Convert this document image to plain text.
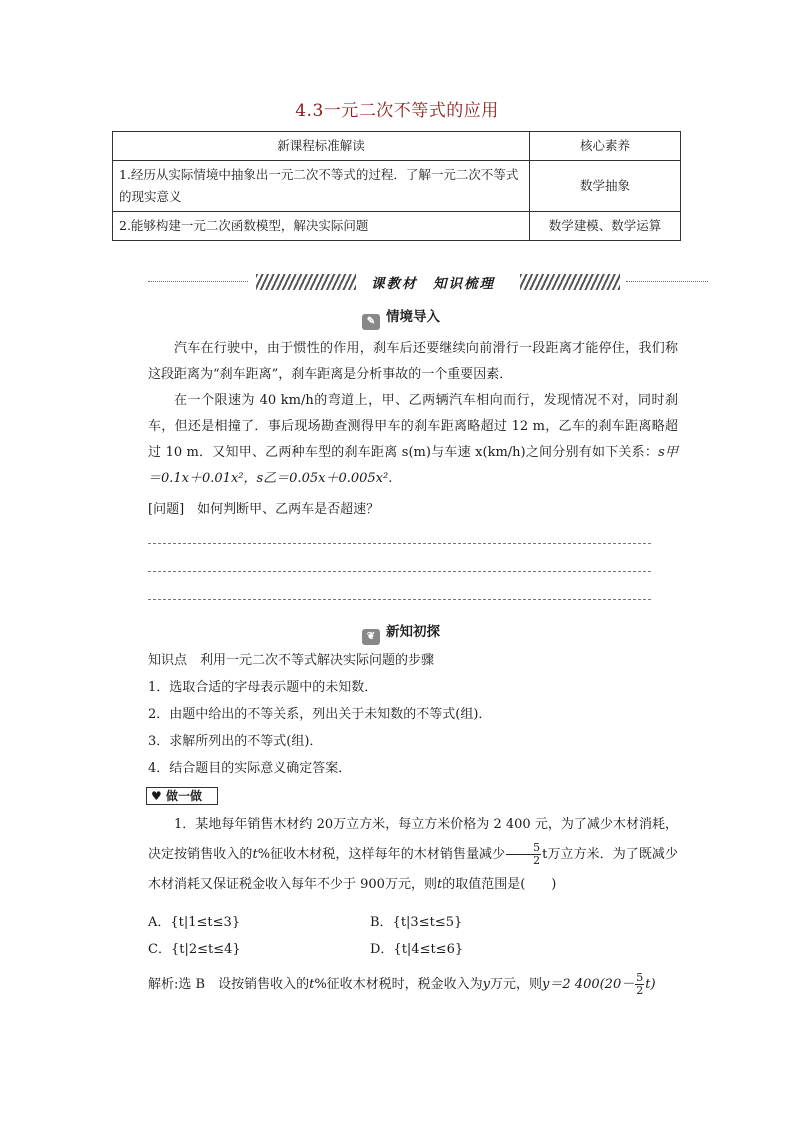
4.3一元二次不等式的应用
新课程标准解读	核心素养
1.经历从实际情境中抽象出一元二次不等式的过程．了解一元二次不等式的现实意义	数学抽象
2.能够构建一元二次函数模型，解决实际问题	数学建模、数学运算
课教材　知识梳理
✎ 情境导入
汽车在行驶中，由于惯性的作用，刹车后还要继续向前滑行一段距离才能停住，我们称这段距离为“刹车距离”，刹车距离是分析事故的一个重要因素．
在一个限速为 40 km/h的弯道上，甲、乙两辆汽车相向而行，发现情况不对，同时刹车，但还是相撞了．事后现场勘查测得甲车的刹车距离略超过 12 m，乙车的刹车距离略超过 10 m．又知甲、乙两种车型的刹车距离 s(m)与车速 x(km/h)之间分别有如下关系：s甲＝0.1x＋0.01x²，s乙＝0.05x＋0.005x².
[问题]　如何判断甲、乙两车是否超速？
❦ 新知初探
知识点　利用一元二次不等式解决实际问题的步骤
1．选取合适的字母表示题中的未知数．
2．由题中给出的不等关系，列出关于未知数的不等式(组)．
3．求解所列出的不等式(组)．
4．结合题目的实际意义确定答案．
♥ 做一做
1．某地每年销售木材约 20万立方米，每立方米价格为 2 400 元，为了减少木材消耗，决定按销售收入的t%征收木材税，这样每年的木材销售量减少 $\frac{5}{2}$ t万立方米．为了既减少木材消耗又保证税金收入每年不少于 900万元，则t的取值范围是(　　)
A．{t|1≤t≤3}	B．{t|3≤t≤5}
C．{t|2≤t≤4}	D．{t|4≤t≤6}
解析:选 B　设按销售收入的t%征收木材税时，税金收入为y万元，则y＝2 $400(20- \frac{5}{2} t)$
